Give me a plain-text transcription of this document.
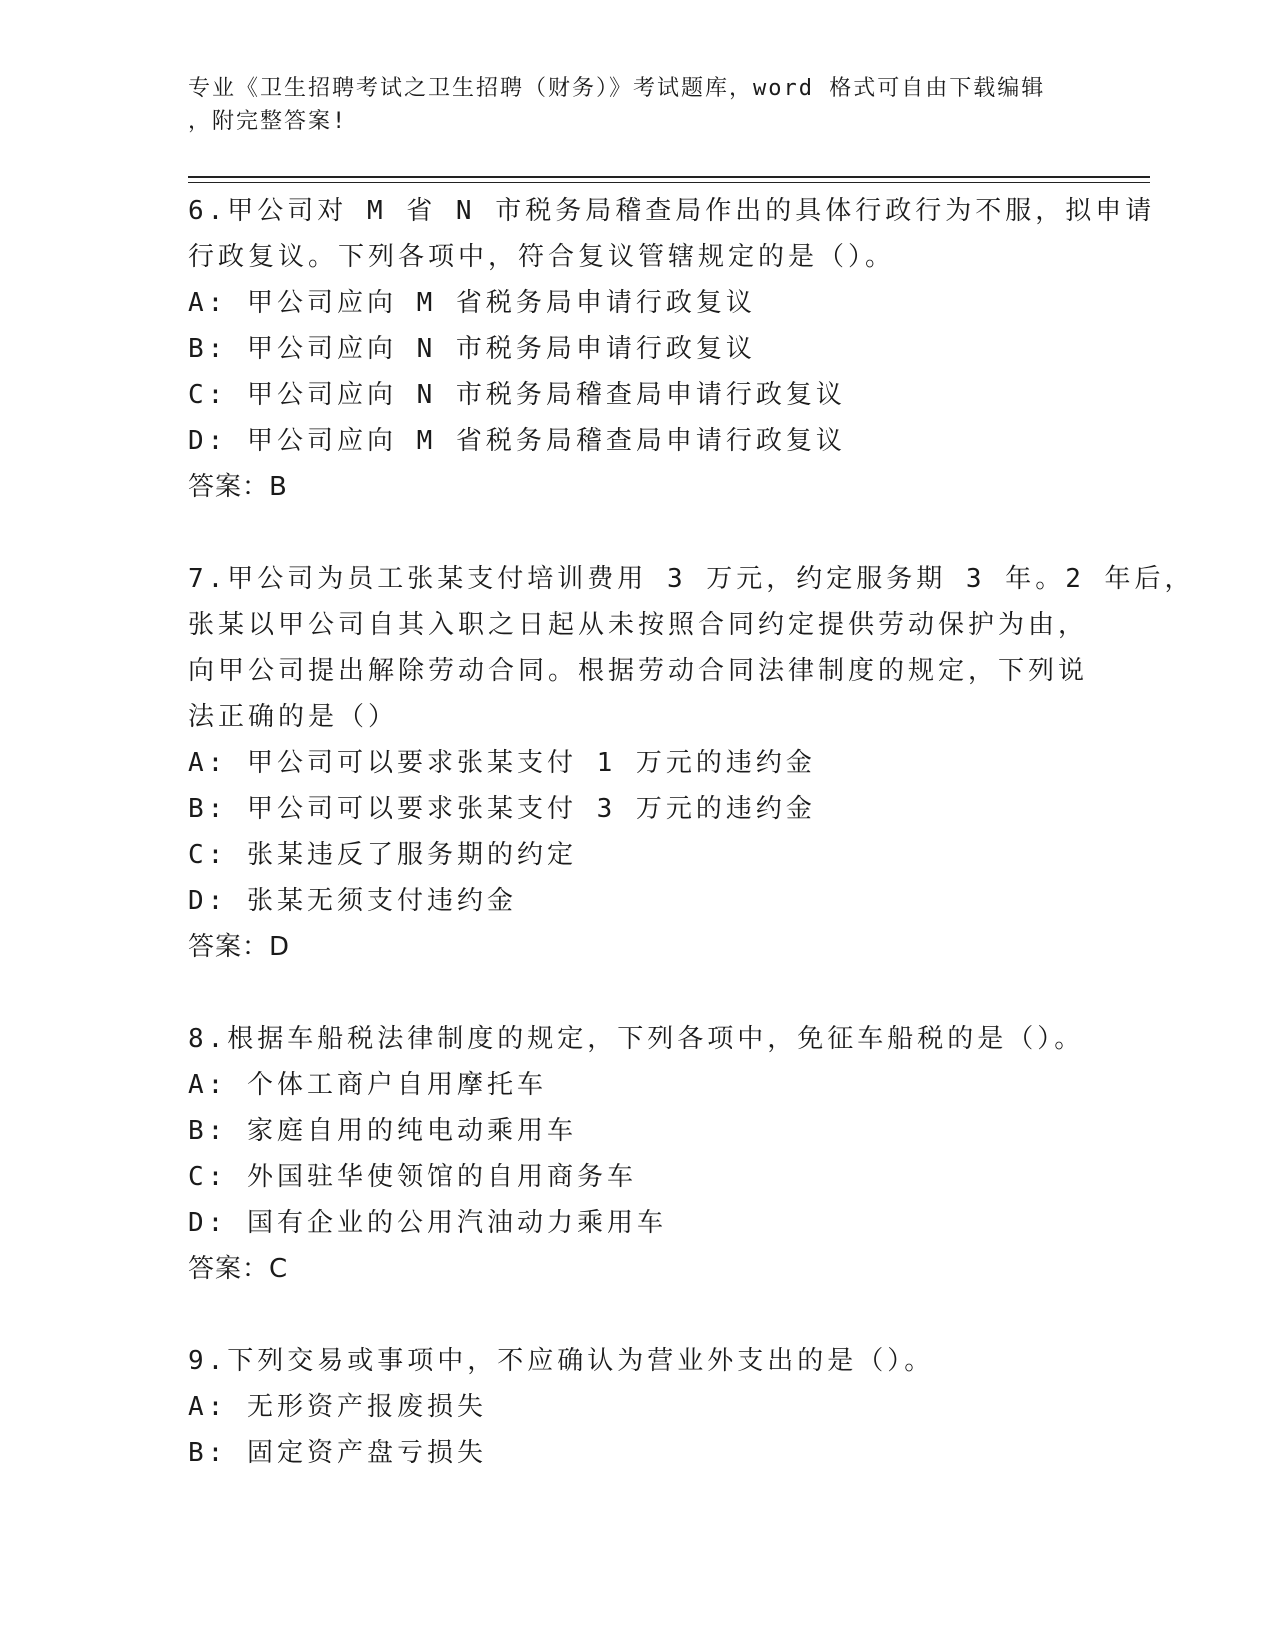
专业《卫生招聘考试之卫生招聘（财务）》考试题库，word 格式可自由下载编辑
，附完整答案!
6.甲公司对 M 省 N 市税务局稽查局作出的具体行政行为不服，拟申请
行政复议。下列各项中，符合复议管辖规定的是（）。
A: 甲公司应向 M 省税务局申请行政复议
B: 甲公司应向 N 市税务局申请行政复议
C: 甲公司应向 N 市税务局稽查局申请行政复议
D: 甲公司应向 M 省税务局稽查局申请行政复议
答案：B
7.甲公司为员工张某支付培训费用 3 万元，约定服务期 3 年。2 年后，
张某以甲公司自其入职之日起从未按照合同约定提供劳动保护为由，
向甲公司提出解除劳动合同。根据劳动合同法律制度的规定，下列说
法正确的是（）
A: 甲公司可以要求张某支付 1 万元的违约金
B: 甲公司可以要求张某支付 3 万元的违约金
C: 张某违反了服务期的约定
D: 张某无须支付违约金
答案：D
8.根据车船税法律制度的规定，下列各项中，免征车船税的是（）。
A: 个体工商户自用摩托车
B: 家庭自用的纯电动乘用车
C: 外国驻华使领馆的自用商务车
D: 国有企业的公用汽油动力乘用车
答案：C
9.下列交易或事项中，不应确认为营业外支出的是（）。
A: 无形资产报废损失
B: 固定资产盘亏损失
